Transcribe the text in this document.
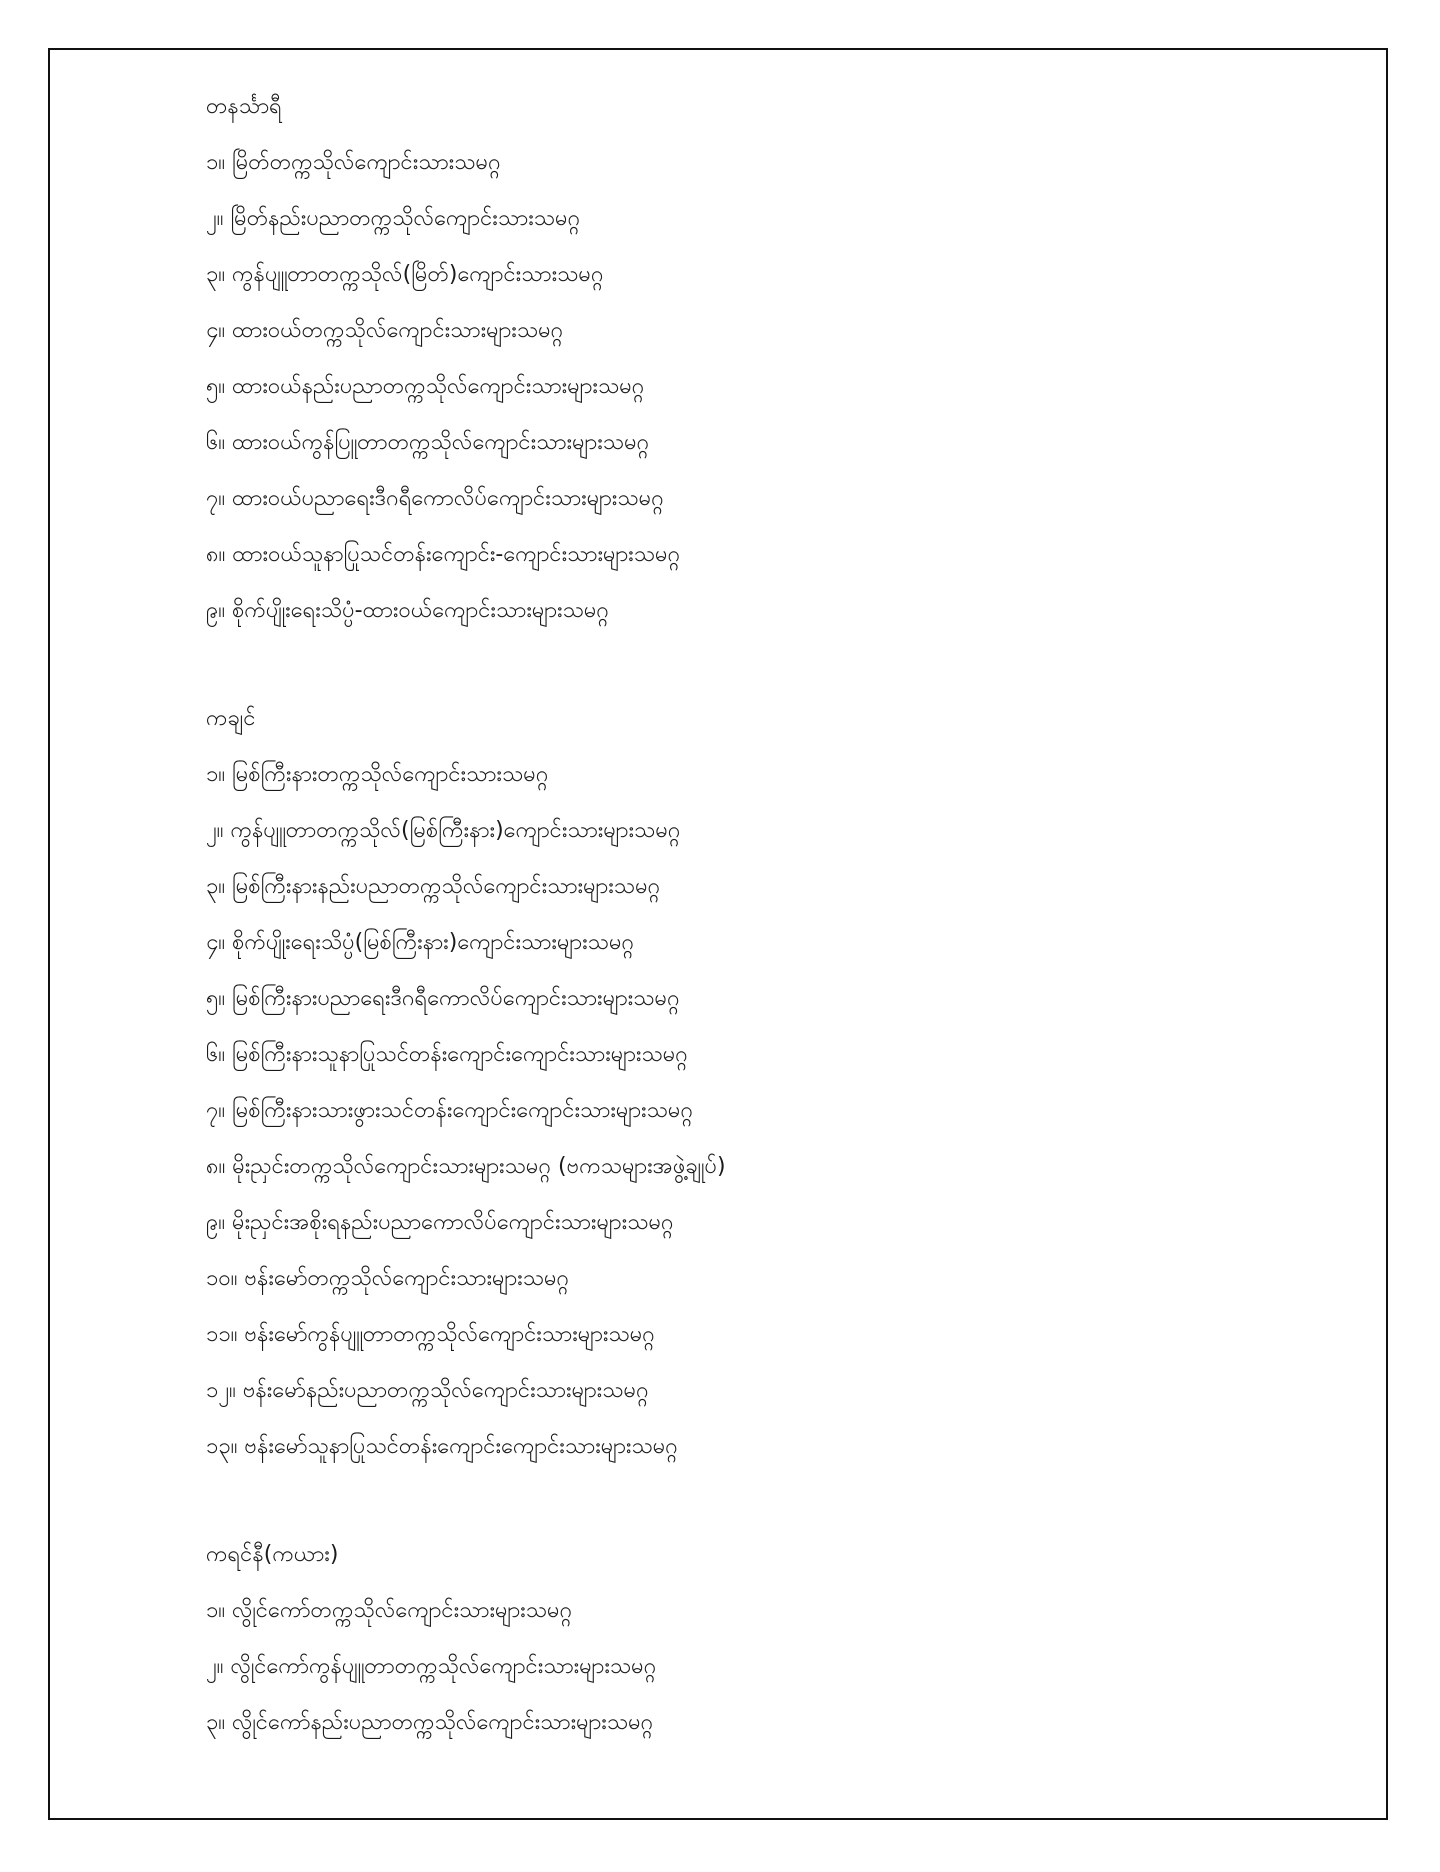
တနင်္သာရီ
၁။ မြိတ်တက္ကသိုလ်ကျောင်းသားသမဂ္ဂ
၂။ မြိတ်နည်းပညာတက္ကသိုလ်ကျောင်းသားသမဂ္ဂ
၃။ ကွန်ပျူတာတက္ကသိုလ်(မြိတ်)ကျောင်းသားသမဂ္ဂ
၄။ ထားဝယ်တက္ကသိုလ်ကျောင်းသားများသမဂ္ဂ
၅။ ထားဝယ်နည်းပညာတက္ကသိုလ်ကျောင်းသားများသမဂ္ဂ
၆။ ထားဝယ်ကွန်ပြူတာတက္ကသိုလ်ကျောင်းသားများသမဂ္ဂ
၇။ ထားဝယ်ပညာရေးဒီဂရီကောလိပ်ကျောင်းသားများသမဂ္ဂ
၈။ ထားဝယ်သူနာပြုသင်တန်းကျောင်း-ကျောင်းသားများသမဂ္ဂ
၉။ စိုက်ပျိုးရေးသိပ္ပံ-ထားဝယ်ကျောင်းသားများသမဂ္ဂ
ကချင်
၁။ မြစ်ကြီးနားတက္ကသိုလ်ကျောင်းသားသမဂ္ဂ
၂။ ကွန်ပျူတာတက္ကသိုလ်(မြစ်ကြီးနား)ကျောင်းသားများသမဂ္ဂ
၃။ မြစ်ကြီးနားနည်းပညာတက္ကသိုလ်ကျောင်းသားများသမဂ္ဂ
၄။ စိုက်ပျိုးရေးသိပ္ပံ(မြစ်ကြီးနား)ကျောင်းသားများသမဂ္ဂ
၅။ မြစ်ကြီးနားပညာရေးဒီဂရီကောလိပ်ကျောင်းသားများသမဂ္ဂ
၆။ မြစ်ကြီးနားသူနာပြုသင်တန်းကျောင်းကျောင်းသားများသမဂ္ဂ
၇။ မြစ်ကြီးနားသားဖွားသင်တန်းကျောင်းကျောင်းသားများသမဂ္ဂ
၈။ မိုးညှင်းတက္ကသိုလ်ကျောင်းသားများသမဂ္ဂ (ဗကသများအဖွဲ့ချုပ်)
၉။ မိုးညှင်းအစိုးရနည်းပညာကောလိပ်ကျောင်းသားများသမဂ္ဂ
၁၀။ ဗန်းမော်တက္ကသိုလ်ကျောင်းသားများသမဂ္ဂ
၁၁။ ဗန်းမော်ကွန်ပျူတာတက္ကသိုလ်ကျောင်းသားများသမဂ္ဂ
၁၂။ ဗန်းမော်နည်းပညာတက္ကသိုလ်ကျောင်းသားများသမဂ္ဂ
၁၃။ ဗန်းမော်သူနာပြုသင်တန်းကျောင်းကျောင်းသားများသမဂ္ဂ
ကရင်နီ(ကယား)
၁။ လွိုင်ကော်တက္ကသိုလ်ကျောင်းသားများသမဂ္ဂ
၂။ လွိုင်ကော်ကွန်ပျူတာတက္ကသိုလ်ကျောင်းသားများသမဂ္ဂ
၃။ လွိုင်ကော်နည်းပညာတက္ကသိုလ်ကျောင်းသားများသမဂ္ဂ
